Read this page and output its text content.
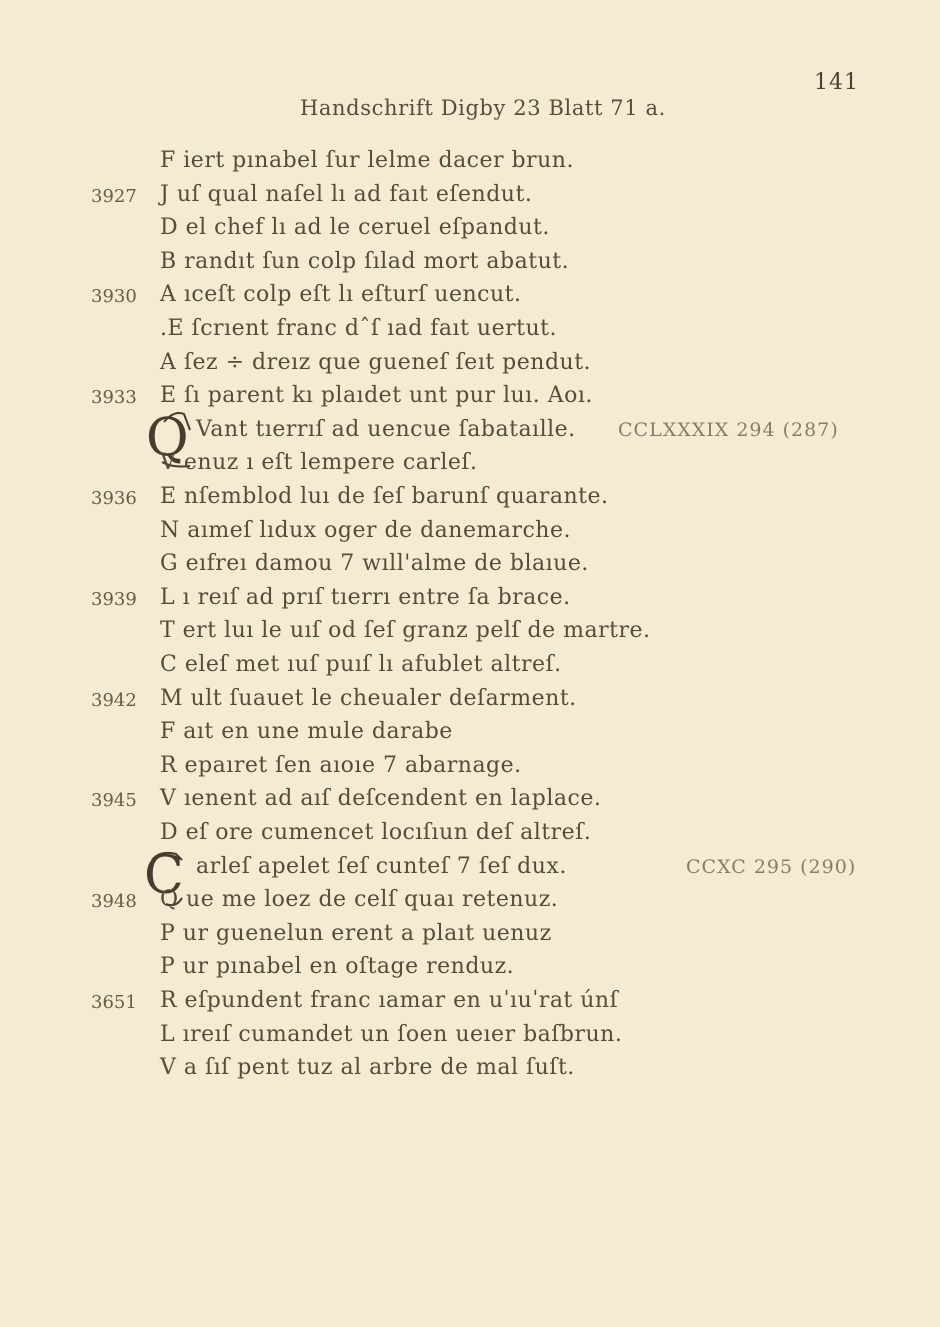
141
Handschrift Digby 23 Blatt 71 a.
Q
C
F iert pınabel ſur lelme dacer brun.
3927 J uſ qual naſel lı ad faıt eſendut.
D el chef lı ad le ceruel eſpandut.
B randıt ſun colp ſılad mort abatut.
3930 A ıceſt colp eſt lı eſturſ uencut.
.E ſcrıent franc dˆſ ıad faıt uertut.
A ſez ÷ dreız que gueneſ ſeıt pendut.
3933 E ſı parent kı plaıdet unt pur luı. Aoı.
Vant tıerrıſ ad uencue ſabataılle. CCLXXXIX 294 (287)
V enuz ı eſt lempere carleſ.
3936 E nſemblod luı de ſeſ barunſ quarante.
N aımeſ lıdux oger de danemarche.
G eıfreı damou 7 wıll'alme de blaıue.
3939 L ı reıſ ad prıſ tıerrı entre ſa brace.
T ert luı le uıſ od ſeſ granz pelſ de martre.
C eleſ met ıuſ puıſ lı afublet altreſ.
3942 M ult ſuauet le cheualer deſarment.
F aıt en une mule darabe
R epaıret ſen aıoıe 7 abarnage.
3945 V ıenent ad aıſ deſcendent en laplace.
D eſ ore cumencet locıſıun deſ altreſ.
arleſ apelet ſeſ cunteſ 7 ſeſ dux.	CCXC 295 (290)
3948 Q ue me loez de celſ quaı retenuz.
P ur guenelun erent a plaıt uenuz
P ur pınabel en oſtage renduz.
3651 R eſpundent franc ıamar en uˈıuˈrat únſ
L ıreıſ cumandet un ſoen ueıer baſbrun.
V a ſıſ pent tuz al arbre de mal ſuſt.
